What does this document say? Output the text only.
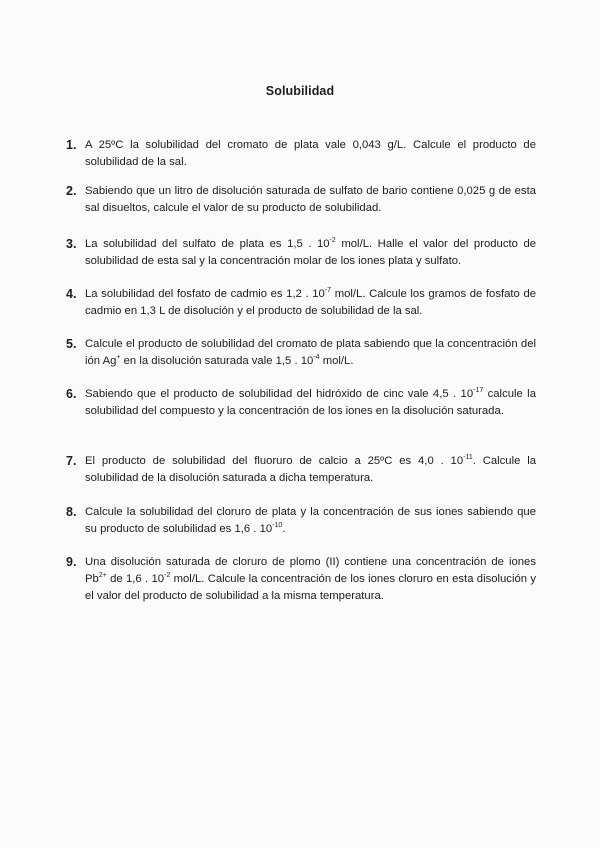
Solubilidad
1. A 25ºC la solubilidad del cromato de plata vale 0,043 g/L. Calcule el producto de solubilidad de la sal.
2. Sabiendo que un litro de disolución saturada de sulfato de bario contiene 0,025 g de esta sal disueltos, calcule el valor de su producto de solubilidad.
3. La solubilidad del sulfato de plata es 1,5 . $10^{-2}$ mol/L. Halle el valor del producto de solubilidad de esta sal y la concentración molar de los iones plata y sulfato.
4. La solubilidad del fosfato de cadmio es 1,2 . $10^{-7}$ mol/L. Calcule los gramos de fosfato de cadmio en 1,3 L de disolución y el producto de solubilidad de la sal.
5. Calcule el producto de solubilidad del cromato de plata sabiendo que la concentración del ión Ag+ en la disolución saturada vale 1,5 . $10^{-4}$ mol/L.
6. Sabiendo que el producto de solubilidad del hidróxido de cinc vale 4,5 . $10^{-17}$ calcule la solubilidad del compuesto y la concentración de los iones en la disolución saturada.
7. El producto de solubilidad del fluoruro de calcio a 25ºC es 4,0 . $10^{-11}$. Calcule la solubilidad de la disolución saturada a dicha temperatura.
8. Calcule la solubilidad del cloruro de plata y la concentración de sus iones sabiendo que su producto de solubilidad es 1,6 . $10^{-10}$.
9. Una disolución saturada de cloruro de plomo (II) contiene una concentración de iones $Pb^{2+}$ de 1,6 . $10^{-2}$ mol/L. Calcule la concentración de los iones cloruro en esta disolución y el valor del producto de solubilidad a la misma temperatura.
